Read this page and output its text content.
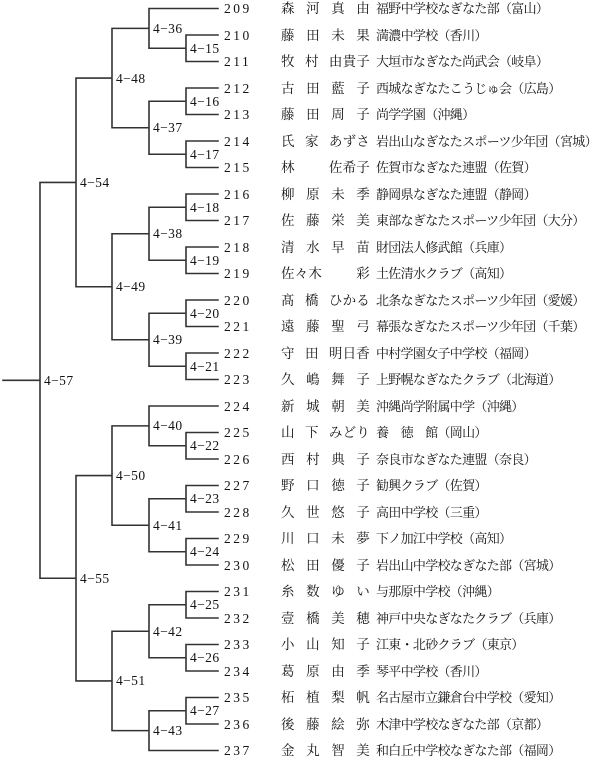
4−15
4−36
4−16
4−17
4−37
4−48
4−18
4−19
4−38
4−20
4−21
4−39
4−49
4−54
4−22
4−40
4−23
4−24
4−41
4−50
4−25
4−26
4−42
4−27
4−43
4−51
4−55
4−57
209 森 河 真 由 福野中学校なぎなた部（富山）
210 藤 田 未 果 満濃中学校（香川）
211 牧 村 由貴子 大垣市なぎなた尚武会（岐阜）
212 古 田 藍 子 西城なぎなたこうじゅ会（広島）
213 藤 田 周 子 尚学学園（沖縄）
214 氏 家 あずさ 岩出山なぎなたスポーツ少年団（宮城）
215 林	佐希子 佐賀市なぎなた連盟（佐賀）
216 柳 原 未 季 静岡県なぎなた連盟（静岡）
217 佐 藤 栄 美 東部なぎなたスポーツ少年団（大分）
218 清 水 早 苗 財団法人修武館（兵庫）
219 佐々木	彩 土佐清水クラブ（高知）
220 髙 橋 ひかる 北条なぎなたスポーツ少年団（愛媛）
221 遠 藤 聖 弓 幕張なぎなたスポーツ少年団（千葉）
222 守 田 明日香 中村学園女子中学校（福岡）
223 久 嶋 舞 子 上野幌なぎなたクラブ（北海道）
224 新 城 朝 美 沖縄尚学附属中学（沖縄）
225 山 下 みどり 養　徳　館（岡山）
226 西 村 典 子 奈良市なぎなた連盟（奈良）
227 野 口 徳 子 勧興クラブ（佐賀）
228 久 世 悠 子 高田中学校（三重）
229 川 口 未 夢 下ノ加江中学校（高知）
230 松 田 優 子 岩出山中学校なぎなた部（宮城）
231 糸 数 ゆ い 与那原中学校（沖縄）
232 壹 橋 美 穂 神戸中央なぎなたクラブ（兵庫）
233 小 山 知 子 江東・北砂クラブ（東京）
234 葛 原 由 季 琴平中学校（香川）
235 柘 植 梨 帆 名古屋市立鎌倉台中学校（愛知）
236 後 藤 絵 弥 木津中学校なぎなた部（京都）
237 金 丸 智 美 和白丘中学校なぎなた部（福岡）
